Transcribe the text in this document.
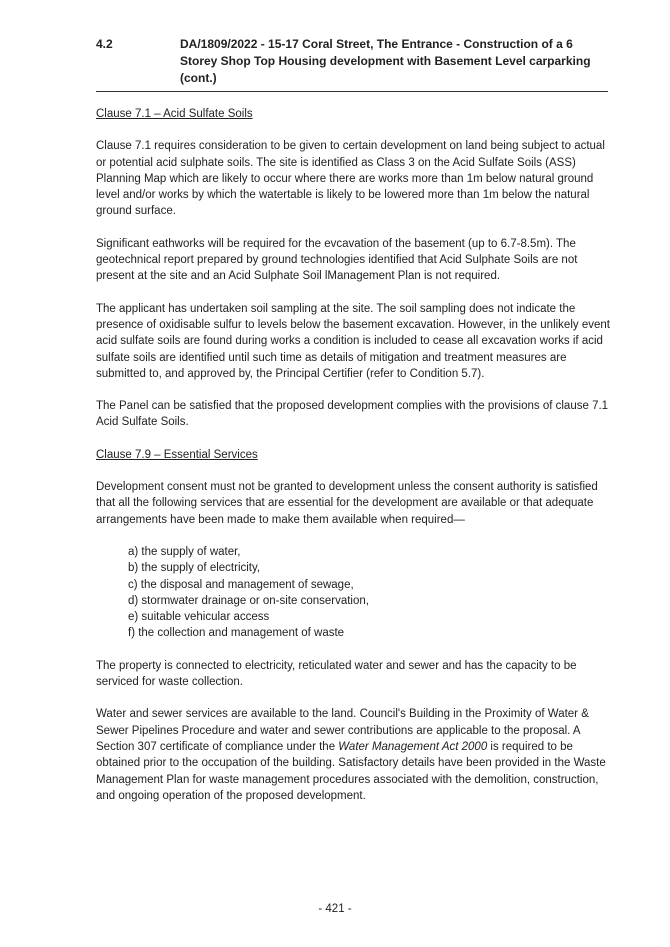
4.2	DA/1809/2022 - 15-17 Coral Street, The Entrance - Construction of a 6 Storey Shop Top Housing development with Basement Level carparking (cont.)
Clause 7.1 – Acid Sulfate Soils

Clause 7.1 requires consideration to be given to certain development on land being subject to actual or potential acid sulphate soils. The site is identified as Class 3 on the Acid Sulfate Soils (ASS) Planning Map which are likely to occur where there are works more than 1m below natural ground level and/or works by which the watertable is likely to be lowered more than 1m below the natural ground surface.

Significant eathworks will be required for the evcavation of the basement (up to 6.7-8.5m). The geotechnical report prepared by ground technologies identified that Acid Sulphate Soils are not present at the site and an Acid Sulphate Soil lManagement Plan is not required.

The applicant has undertaken soil sampling at the site. The soil sampling does not indicate the presence of oxidisable sulfur to levels below the basement excavation. However, in the unlikely event acid sulfate soils are found during works a condition is included to cease all excavation works if acid sulfate soils are identified until such time as details of mitigation and treatment measures are submitted to, and approved by, the Principal Certifier (refer to Condition 5.7).

The Panel can be satisfied that the proposed development complies with the provisions of clause 7.1 Acid Sulfate Soils.

Clause 7.9 – Essential Services

Development consent must not be granted to development unless the consent authority is satisfied that all the following services that are essential for the development are available or that adequate arrangements have been made to make them available when required—

a) the supply of water,
b) the supply of electricity,
c) the disposal and management of sewage,
d) stormwater drainage or on-site conservation,
e) suitable vehicular access
f) the collection and management of waste

The property is connected to electricity, reticulated water and sewer and has the capacity to be serviced for waste collection.

Water and sewer services are available to the land. Council's Building in the Proximity of Water & Sewer Pipelines Procedure and water and sewer contributions are applicable to the proposal. A Section 307 certificate of compliance under the Water Management Act 2000 is required to be obtained prior to the occupation of the building. Satisfactory details have been provided in the Waste Management Plan for waste management procedures associated with the demolition, construction, and ongoing operation of the proposed development.

- 421 -
